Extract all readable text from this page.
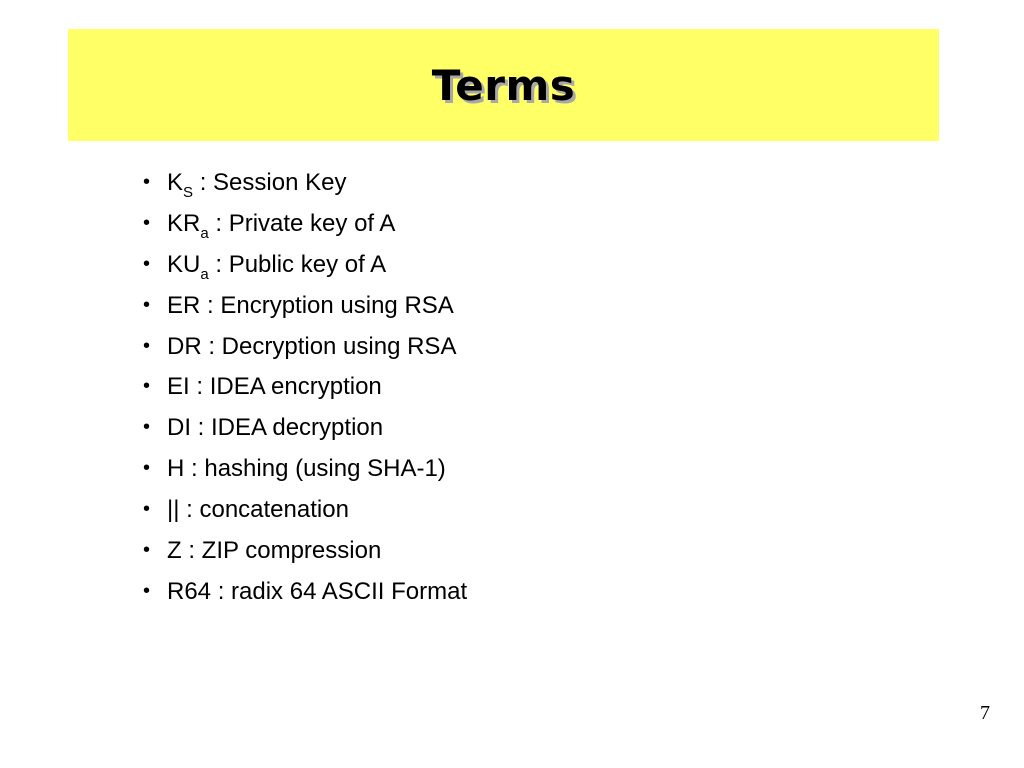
Terms
• $K_S$ : Session Key
• $KR_a$ : Private key of A
• $KU_a$ : Public key of A
• ER : Encryption using RSA
• DR : Decryption using RSA
• EI : IDEA encryption
• DI : IDEA decryption
• H : hashing (using SHA-1)
• || : concatenation
• Z : ZIP compression
• R64 : radix 64 ASCII Format
7
